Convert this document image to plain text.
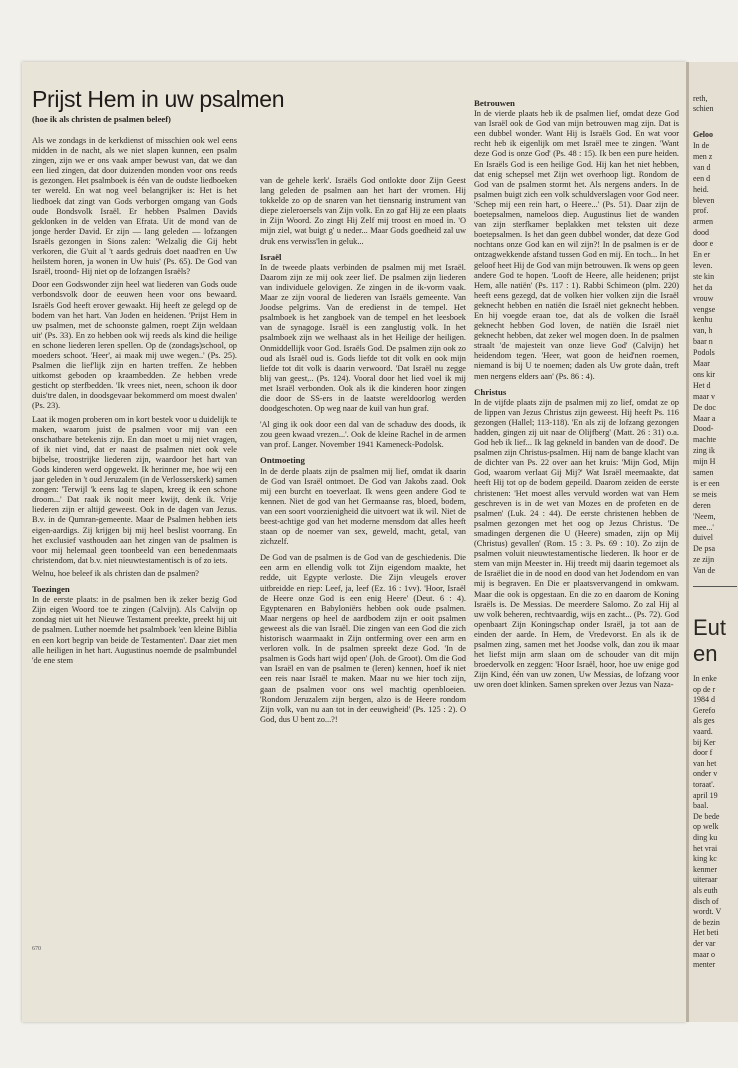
Prijst Hem in uw psalmen
(hoe ik als christen de psalmen beleef)

Als we zondags in de kerkdienst of misschien ook wel eens midden in de nacht, als we niet slapen kunnen, een psalm zingen, zijn we er ons vaak amper bewust van, dat we dan een lied zingen, dat door duizenden monden voor ons reeds is gezongen. Het psalmboek is één van de oudste liedboeken ter wereld. En wat nog veel belangrijker is: Het is het liedboek dat zingt van Gods verborgen omgang van Gods oude Bondsvolk Israël. Er hebben Psalmen Davids geklonken in de velden van Efrata. Uit de mond van de jonge herder David. Er zijn — lang geleden — lofzangen Israëls gezongen in Sions zalen: 'Welzalig die Gij hebt verkoren, die G'uit al 't aards gedruis doet naad'ren en Uw heilstem horen, ja wonen in Uw huis' (Ps. 65). De God van Israël, troond- Hij niet op de lofzangen Israëls?

Door een Godswonder zijn heel wat liederen van Gods oude verbondsvolk door de eeuwen heen voor ons bewaard. Israëls God heeft erover gewaakt. Hij heeft ze gelegd op de bodem van het hart. Van Joden en heidenen. 'Prijst Hem in uw psalmen, met de schoonste galmen, roept Zijn weldaan uit' (Ps. 33). En zo hebben ook wij reeds als kind die heilige en schone liederen leren spellen. Op de (zondags)school, op moeders schoot. 'Heer', ai maak mij uwe wegen..' (Ps. 25). Psalmen die lief'lijk zijn en harten treffen. Ze hebben uitkomst geboden op kraambedden. Ze hebben vrede gesticht op sterfbedden. 'Ik vrees niet, neen, schoon ik door duis'tre dalen, in doodsgevaar bekommerd om moest dwalen' (Ps. 23).

Laat ik mogen proberen om in kort bestek voor u duidelijk te maken, waarom juist de psalmen voor mij van een onschatbare betekenis zijn. En dan moet u mij niet vragen, of ik niet vind, dat er naast de psalmen niet ook vele bijbelse, troostrijke liederen zijn, waardoor het hart van Gods kinderen werd opgewekt. Ik herinner me, hoe wij een jaar geleden in 't oud Jeruzalem (in de Verlosserskerk) samen zongen: 'Terwijl 'k eens lag te slapen, kreeg ik een schone droom...' Dat raak ik nooit meer kwijt, denk ik. Vrije liederen zijn er altijd geweest. Ook in de dagen van Jezus. B.v. in de Qumran-gemeente. Maar de Psalmen hebben iets eigen-aardigs. Zij krijgen bij mij heel beslist voorrang. En het exclusief vasthouden aan het zingen van de psalmen is voor mij helemaal geen toonbeeld van een benedenmaats christendom, dat b.v. niet nieuwtestamentisch is of zo iets.

Welnu, hoe beleef ik als christen dan de psalmen?

Toezingen

In de eerste plaats: in de psalmen ben ik zeker bezig God Zijn eigen Woord toe te zingen (Calvijn). Als Calvijn op zondag niet uit het Nieuwe Testament preekte, preekt hij uit de psalmen. Luther noemde het psalmboek 'een kleine Biblia en een kort begrip van beide de Testamenten'. Daar ziet men alle heiligen in het hart. Augustinus noemde de psalmbundel 'de ene stem

van de gehele kerk'. Israëls God ontlokte door Zijn Geest lang geleden de psalmen aan het hart der vromen. Hij tokkelde zo op de snaren van het tiensnarig instrument van diepe zieleroersels van Zijn volk. En zo gaf Hij ze een plaats in Zijn Woord. Zo zingt Hij Zelf mij troost en moed in. 'O mijn ziel, wat buigt g' u neder... Maar Gods goedheid zal uw druk ens verwiss'len in geluk...

Israël

In de tweede plaats verbinden de psalmen mij met Israël. Daarom zijn ze mij ook zeer lief. De psalmen zijn liederen van individuele gelovigen. Ze zingen in de ik-vorm vaak. Maar ze zijn vooral de liederen van Israëls gemeente. Van Joodse pelgrims. Van de eredienst in de tempel. Het psalmboek is het zangboek van de tempel en het leesboek van de synagoge. Israël is een zanglustig volk. In het psalmboek zijn we welhaast als in het Heilige der heiligen. Onmiddellijk voor God. Israëls God. De psalmen zijn ook zo oud als Israël oud is. Gods liefde tot dit volk en ook mijn liefde tot dit volk is daarin verwoord. 'Dat Israël nu zegge blij van geest,.. (Ps. 124). Vooral door het lied voel ik mij met Israël verbonden. Ook als ik die kinderen hoor zingen die door de SS-ers in de laatste wereldoorlog werden doodgeschoten. Op weg naar de kuil van hun graf.

'Al ging ik ook door een dal van de schaduw des doods, ik zou geen kwaad vrezen...'. Ook de kleine Rachel in de armen van prof. Langer. November 1941 Kameneck-Podolsk.

Ontmoeting

In de derde plaats zijn de psalmen mij lief, omdat ik daarin de God van Israël ontmoet. De God van Jakobs zaad. Ook mij een burcht en toeverlaat. Ik wens geen andere God te kennen. Niet de god van het Germaanse ras, bloed, bodem, van een soort voorzienigheid die uitvoert wat ik wil. Niet de beest-achtige god van het moderne mensdom dat alles heeft staan op de noemer van sex, geweld, macht, getal, van zichzelf.

De God van de psalmen is de God van de geschiedenis. Die een arm en ellendig volk tot Zijn eigendom maakte, het redde, uit Egypte verloste. Die Zijn vleugels erover uitbreidde en riep: Leef, ja, leef (Ez. 16 : 1vv). 'Hoor, Israël de Heere onze God is een enig Heere' (Deut. 6 : 4). Egyptenaren en Babyloniërs hebben ook oude psalmen. Maar nergens op heel de aardbodem zijn er ooit psalmen geweest als die van Israël. Die zingen van een God die zich historisch waarmaakt in Zijn ontferming over een arm en verloren volk. In de psalmen spreekt deze God. 'In de psalmen is Gods hart wijd open' (Joh. de Groot). Om die God van Israël en van de psalmen te (leren) kennen, hoef ik niet een reis naar Israël te maken. Maar nu we hier toch zijn, gaan de psalmen voor ons wel machtig openbloeien. 'Rondom Jeruzalem zijn bergen, alzo is de Heere rondom Zijn volk, van nu aan tot in der eeuwigheid' (Ps. 125 : 2). O God, dus U bent zo...?!

Betrouwen

In de vierde plaats heb ik de psalmen lief, omdat deze God van Israël ook de God van mijn betrouwen mag zijn. Dat is een dubbel wonder. Want Hij is Israëls God. En wat voor recht heb ik eigenlijk om met Israël mee te zingen. 'Want deze God is onze God' (Ps. 48 : 15). Ik ben een pure heiden. En Israëls God is een heilige God. Hij kan het niet hebben, dat enig schepsel met Zijn wet overhoop ligt. Rondom de God van de psalmen stormt het. Als nergens anders. In de psalmen buigt zich een volk schuldverslagen voor God neer. 'Schep mij een rein hart, o Heere...' (Ps. 51). Daar zijn de boetepsalmen, nameloos diep. Augustinus liet de wanden van zijn sterfkamer beplakken met teksten uit deze boetepsalmen. Is het dan geen dubbel wonder, dat deze God nochtans onze God kan en wil zijn?! In de psalmen is er de ontzagwekkende afstand tussen God en mij. En toch... In het geloof heet Hij de God van mijn betrouwen. Ik wens op geen andere God te hopen. 'Looft de Heere, alle heidenen; prijst Hem, alle natiën' (Ps. 117 : 1). Rabbi Schimeon (plm. 220) heeft eens gezegd, dat de volken hier volken zijn die Israël geknecht hebben en natiën die Israël niet geknecht hebben. En hij voegde eraan toe, dat als de volken die Israël geknecht hebben God loven, de natiën die Israël niet geknecht hebben, dat zeker wel mogen doen. In de psalmen straalt 'de majesteit van onze lieve God' (Calvijn) het heidendom tegen. 'Heer, wat goon de heid'nen roemen, niemand is bij U te noemen; daden als Uw grote daån, treft men nergens elders aan' (Ps. 86 : 4).

Christus

In de vijfde plaats zijn de psalmen mij zo lief, omdat ze op de lippen van Jezus Christus zijn geweest. Hij heeft Ps. 116 gezongen (Hallel; 113-118). 'En als zij de lofzang gezongen hadden, gingen zij uit naar de Olijfberg' (Matt. 26 : 31) o.a. God heb ik lief... Ik lag gekneld in banden van de dood'. De psalmen zijn Christus-psalmen. Hij nam de bange klacht van de dichter van Ps. 22 over aan het kruis: 'Mijn God, Mijn God, waarom verlaat Gij Mij?' Wat Israël meemaakte, dat heeft Hij tot op de bodem gepeild. Daarom zeiden de eerste christenen: 'Het moest alles vervuld worden wat van Hem geschreven is in de wet van Mozes en de profeten en de psalmen' (Luk. 24 : 44). De eerste christenen hebben de psalmen gezongen met het oog op Jezus Christus. 'De smadingen dergenen die U (Heere) smaden, zijn op Mij (Christus) gevallen' (Rom. 15 : 3. Ps. 69 : 10). Zo zijn de psalmen voluit nieuwtestamentische liederen. Ik hoor er de stem van mijn Meester in. Hij treedt mij daarin tegemoet als de Israëliet die in de nood en dood van het Jodendom en van mij is begraven. En Die er plaatsvervangend in omkwam. Maar die ook is opgestaan. En die zo en daarom de Koning Israëls is. De Messias. De meerdere Salomo. Zo zal Hij al uw volk beheren, rechtvaardig, wijs en zacht... (Ps. 72). God openbaart Zijn Koningschap onder Israël, ja tot aan de einden der aarde. In Hem, de Vredevorst. En als ik de psalmen zing, samen met het Joodse volk, dan zou ik maar het liefst mijn arm slaan om de schouder van dit mijn broedervolk en zeggen: 'Hoor Israël, hoor, hoe uw enige god Zijn Kind, één van uw zonen, Uw Messias, de lofzang voor uw oren doet klinken. Samen spreken over Jezus van Naza-

670
reth,
schien
Geloo
In de
men z
van d
een d
heid.
bleven
prof.
armen
dood
door e
En er
leven.
ste kin
het da
vrouw
vengse
kenhu
van, h
baar n
Podols
Maar
ons kir
Het d
maar v
De doc
Maar a
Dood-
machte
zing ik
mijn H
samen
is er een
se meis
deren
'Neem,
mee...'
duivel
De psa
ze zijn
Van de
Eut
en
In enke
op de r
1984 d
Gerefo
als ges
vaard.
bij Ker
door f
van het
onder v
toraat'.
april 19
baal.
De bede
op welk
ding ku
het vrai
king kc
kenmer
uiteraar
als euth
disch of
wordt. V
de bezin
Het beti
der var
maar o
menter
